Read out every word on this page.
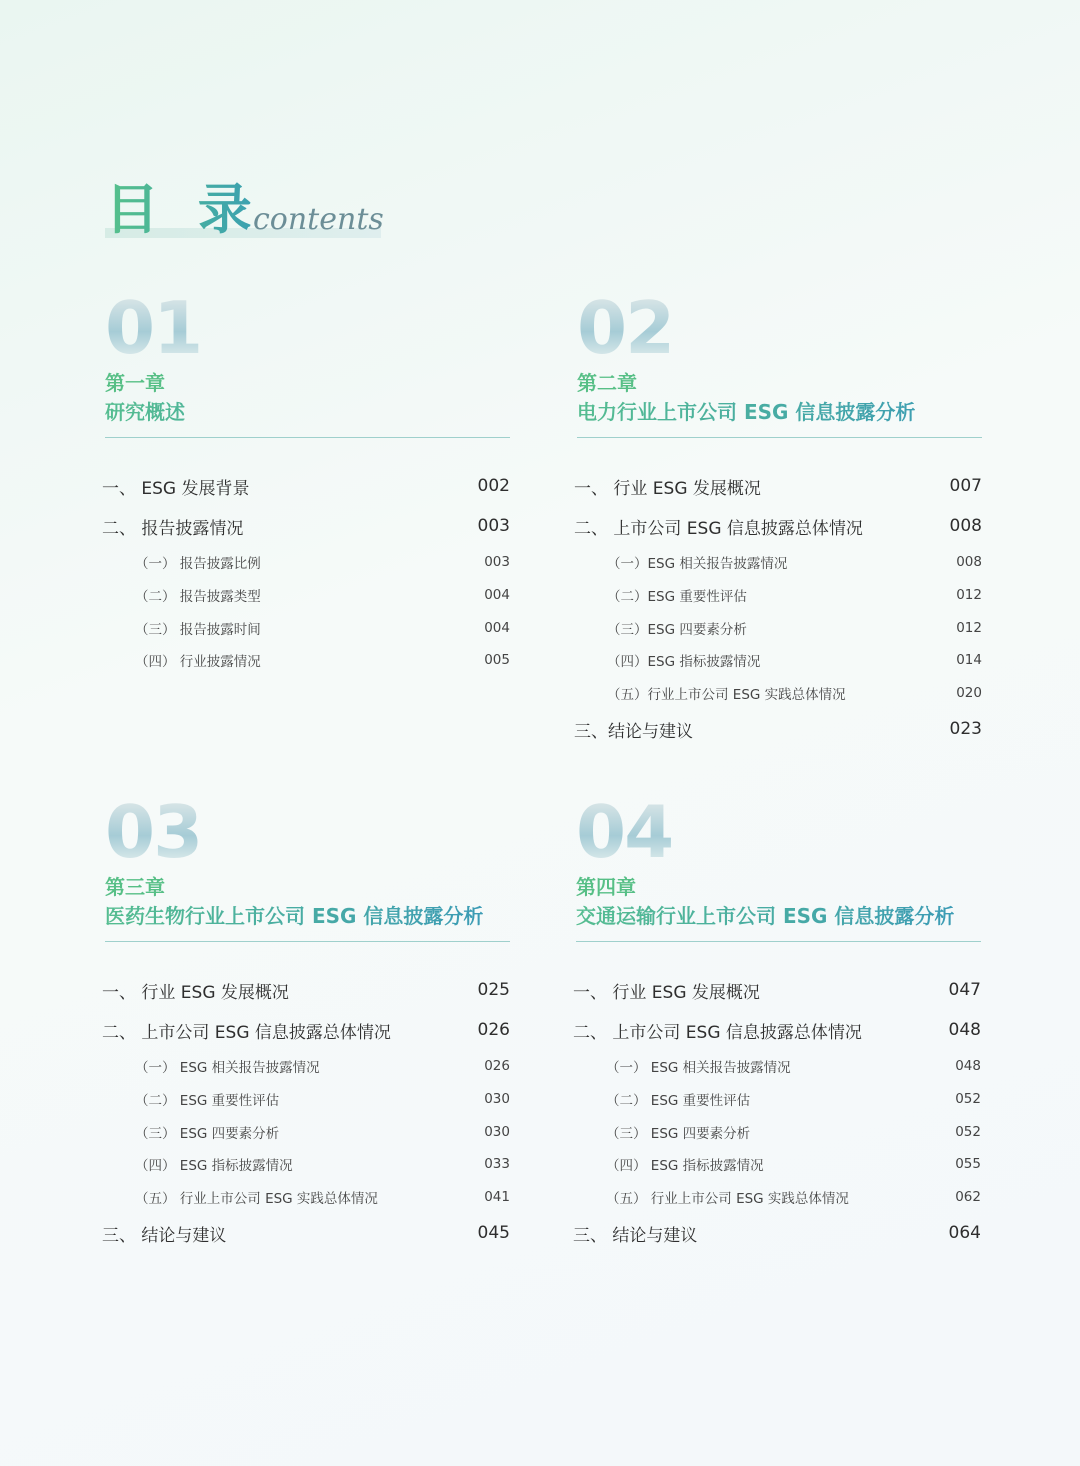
目 录
contents
01
第一章
研究概述
一、 ESG 发展背景	002
二、 报告披露情况	003
（一） 报告披露比例	003
（二） 报告披露类型	004
（三） 报告披露时间	004
（四） 行业披露情况	005
02
第二章
电力行业上市公司 ESG 信息披露分析
一、 行业 ESG 发展概况	007
二、 上市公司 ESG 信息披露总体情况	008
（一）ESG 相关报告披露情况	008
（二）ESG 重要性评估	012
（三）ESG 四要素分析	012
（四）ESG 指标披露情况	014
（五）行业上市公司 ESG 实践总体情况	020
三、结论与建议	023
03
第三章
医药生物行业上市公司 ESG 信息披露分析
一、 行业 ESG 发展概况	025
二、 上市公司 ESG 信息披露总体情况	026
（一） ESG 相关报告披露情况	026
（二） ESG 重要性评估	030
（三） ESG 四要素分析	030
（四） ESG 指标披露情况	033
（五） 行业上市公司 ESG 实践总体情况	041
三、 结论与建议	045
04
第四章
交通运输行业上市公司 ESG 信息披露分析
一、 行业 ESG 发展概况	047
二、 上市公司 ESG 信息披露总体情况	048
（一） ESG 相关报告披露情况	048
（二） ESG 重要性评估	052
（三） ESG 四要素分析	052
（四） ESG 指标披露情况	055
（五） 行业上市公司 ESG 实践总体情况	062
三、 结论与建议	064
